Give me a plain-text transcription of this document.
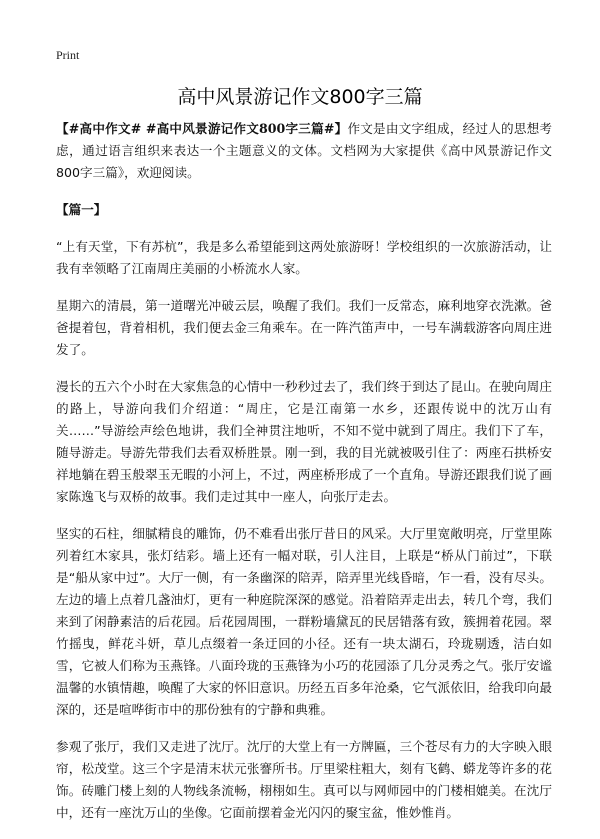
Print
高中风景游记作文800字三篇

【#高中作文# #高中风景游记作文800字三篇#】作文是由文字组成，经过人的思想考虑，通过语言组织来表达一个主题意义的文体。文档网为大家提供《高中风景游记作文800字三篇》，欢迎阅读。

【篇一】

“上有天堂，下有苏杭”，我是多么希望能到这两处旅游呀！学校组织的一次旅游活动，让我有幸领略了江南周庄美丽的小桥流水人家。

星期六的清晨，第一道曙光冲破云层，唤醒了我们。我们一反常态，麻利地穿衣洗漱。爸爸提着包，背着相机，我们便去金三角乘车。在一阵汽笛声中，一号车满载游客向周庄进发了。

漫长的五六个小时在大家焦急的心情中一秒秒过去了，我们终于到达了昆山。在驶向周庄的路上，导游向我们介绍道：“周庄，它是江南第一水乡，还跟传说中的沈万山有关……”导游绘声绘色地讲，我们全神贯注地听，不知不觉中就到了周庄。我们下了车，随导游走。导游先带我们去看双桥胜景。刚一到，我的目光就被吸引住了：两座石拱桥安祥地躺在碧玉般翠玉无暇的小河上，不过，两座桥形成了一个直角。导游还跟我们说了画家陈逸飞与双桥的故事。我们走过其中一座人，向张厅走去。

坚实的石柱，细腻精良的雕饰，仍不难看出张厅昔日的风采。大厅里宽敞明亮，厅堂里陈列着红木家具，张灯结彩。墙上还有一幅对联，引人注目，上联是“桥从门前过”，下联是“船从家中过”。大厅一侧，有一条幽深的陪弄，陪弄里光线昏暗，乍一看，没有尽头。左边的墙上点着几盏油灯，更有一种庭院深深的感觉。沿着陪弄走出去，转几个弯，我们来到了闲静素洁的后花园。后花园周围，一群粉墙黛瓦的民居错落有致，簇拥着花园。翠竹摇曳，鲜花斗妍，草儿点缀着一条迂回的小径。还有一块太湖石，玲珑剔透，洁白如雪，它被人们称为玉燕锋。八面玲珑的玉燕锋为小巧的花园添了几分灵秀之气。张厅安谧温馨的水镇情趣，唤醒了大家的怀旧意识。历经五百多年沧桑，它气派依旧，给我印向最深的，还是喧哗街市中的那份独有的宁静和典雅。

参观了张厅，我们又走进了沈厅。沈厅的大堂上有一方牌匾，三个苍尽有力的大字映入眼帘，松茂堂。这三个字是清末状元张謇所书。厅里梁柱粗大，刻有飞鹤、蟒龙等许多的花饰。砖雕门楼上刻的人物线条流畅，栩栩如生。真可以与网师园中的门楼相媲美。在沈厅中，还有一座沈万山的坐像。它面前摆着金光闪闪的聚宝盆，惟妙惟肖。
